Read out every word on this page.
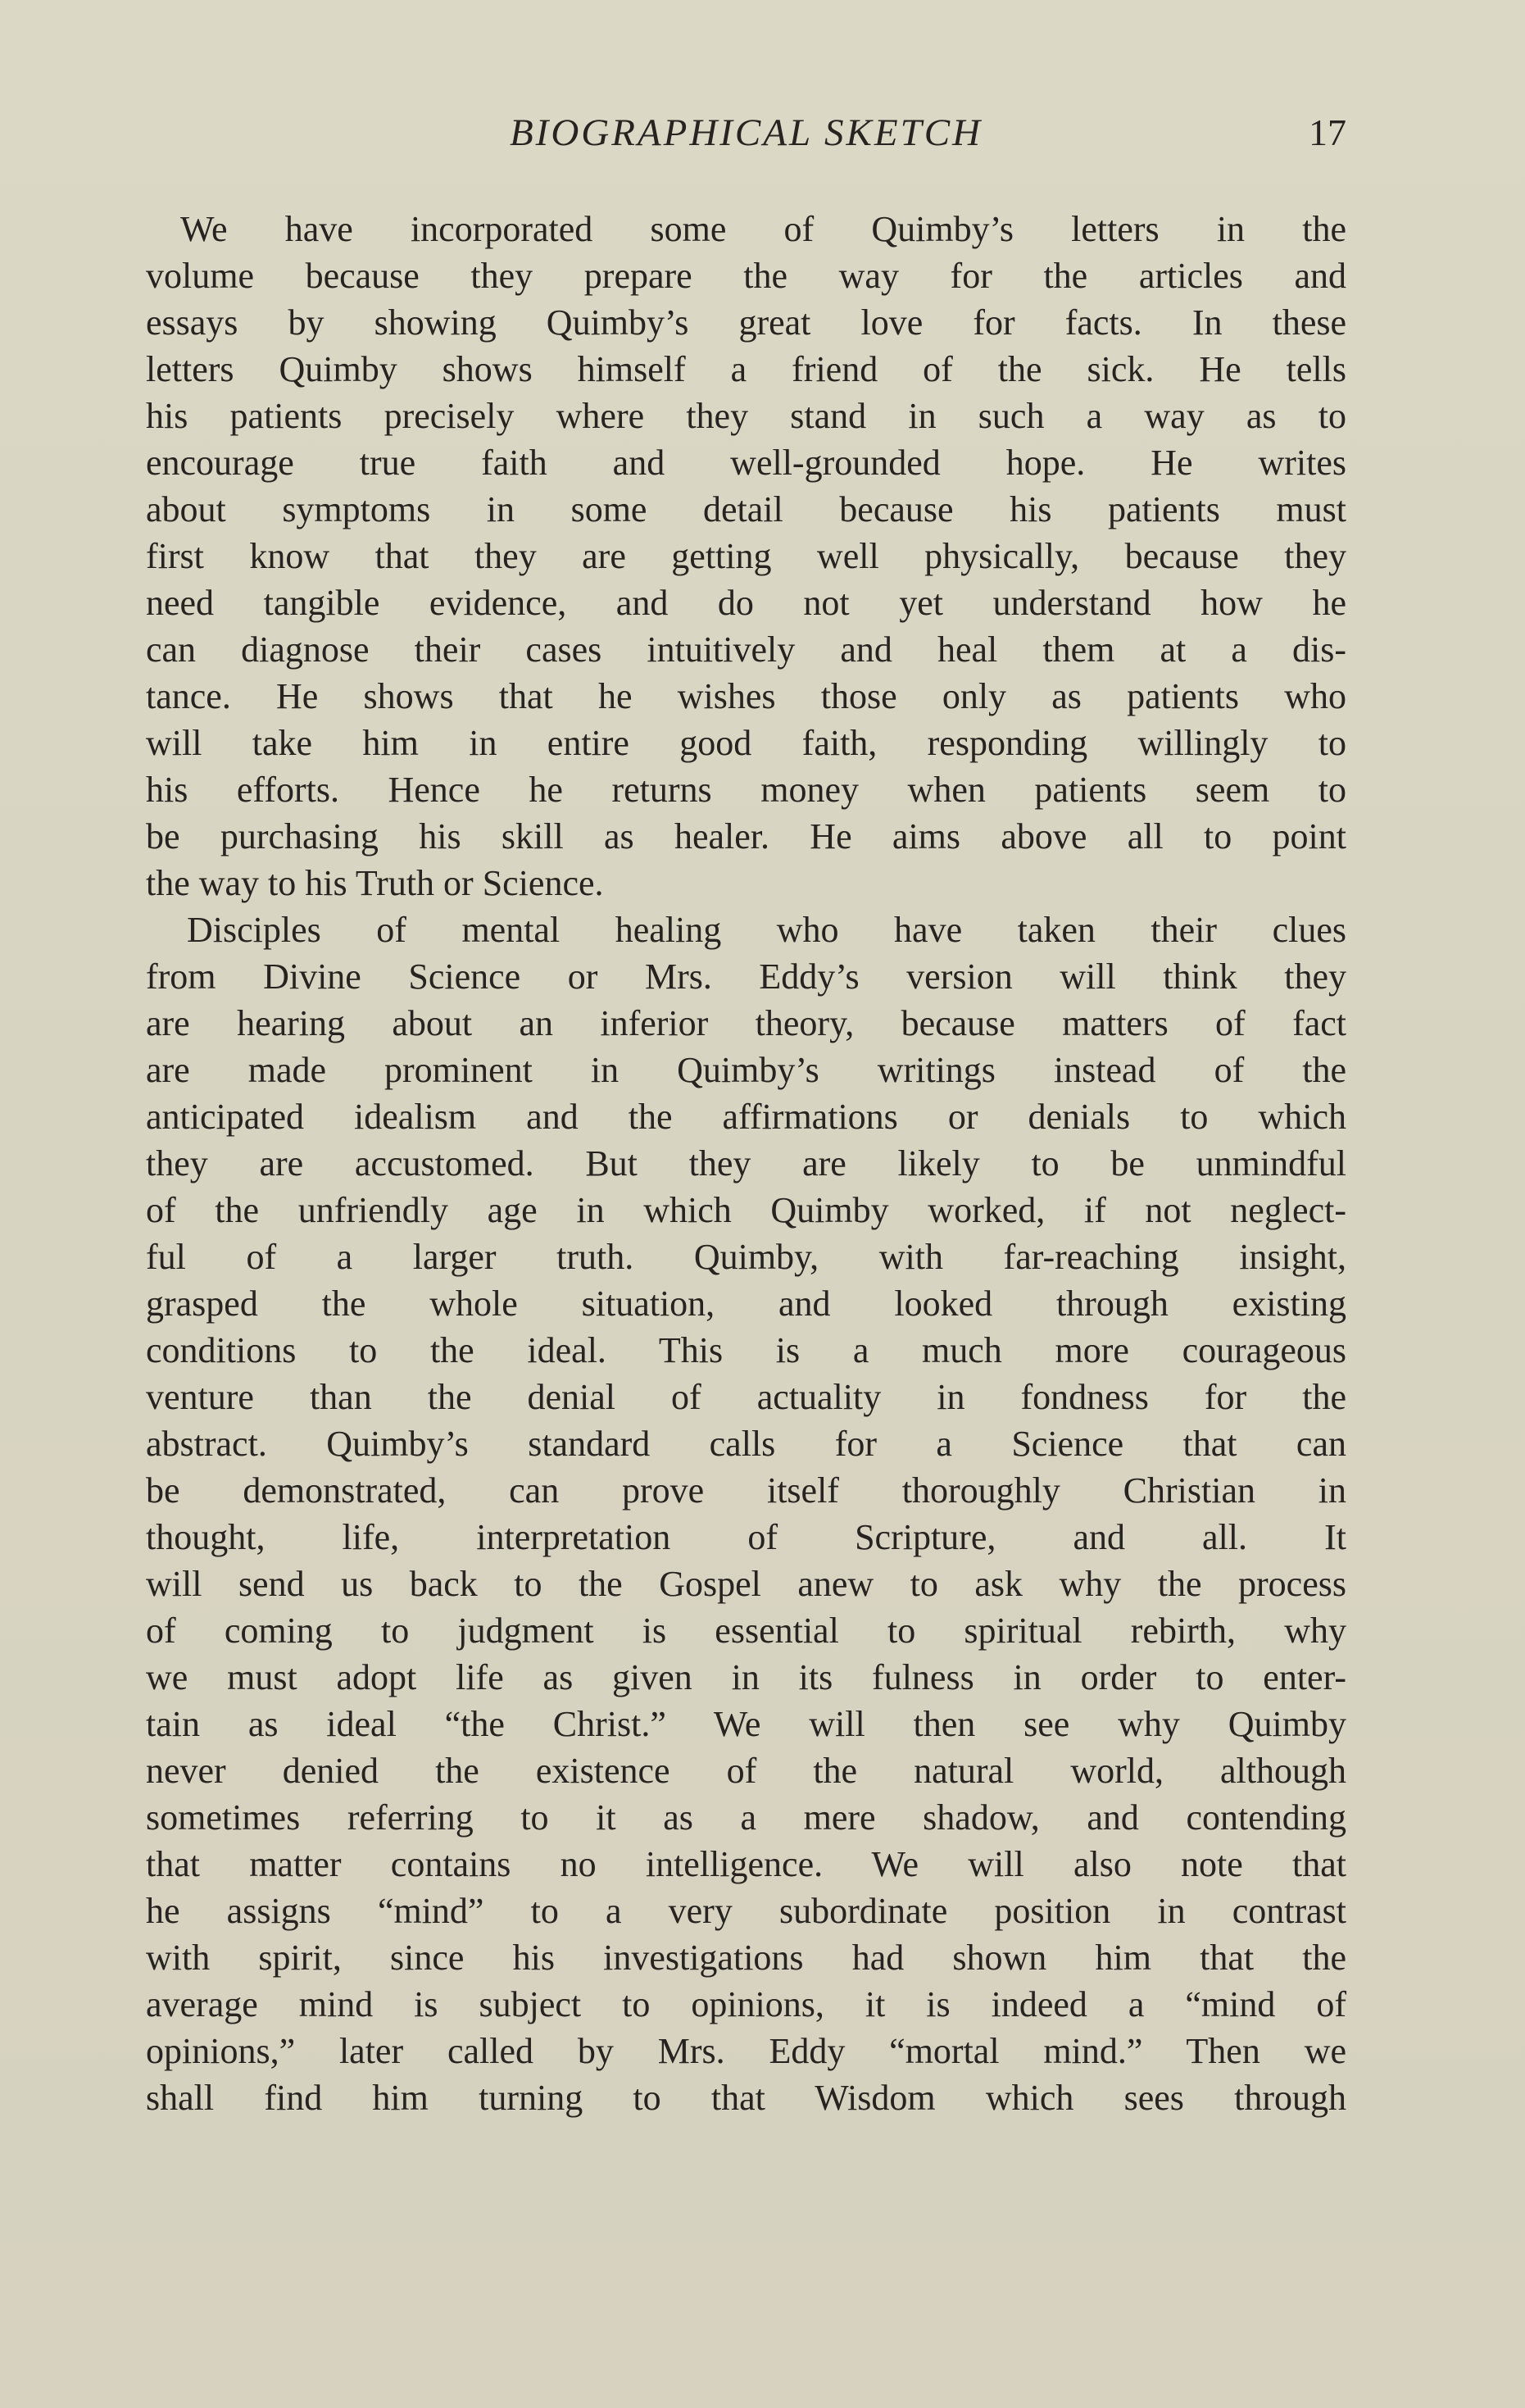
BIOGRAPHICAL SKETCH	17
We have incorporated some of Quimby’s letters in the
volume because they prepare the way for the articles and
essays by showing Quimby’s great love for facts. In these
letters Quimby shows himself a friend of the sick. He tells
his patients precisely where they stand in such a way as to
encourage true faith and well-grounded hope. He writes
about symptoms in some detail because his patients must
first know that they are getting well physically, because they
need tangible evidence, and do not yet understand how he
can diagnose their cases intuitively and heal them at a dis-
tance. He shows that he wishes those only as patients who
will take him in entire good faith, responding willingly to
his efforts. Hence he returns money when patients seem to
be purchasing his skill as healer. He aims above all to point
the way to his Truth or Science.
Disciples of mental healing who have taken their clues
from Divine Science or Mrs. Eddy’s version will think they
are hearing about an inferior theory, because matters of fact
are made prominent in Quimby’s writings instead of the
anticipated idealism and the affirmations or denials to which
they are accustomed. But they are likely to be unmindful
of the unfriendly age in which Quimby worked, if not neglect-
ful of a larger truth. Quimby, with far-reaching insight,
grasped the whole situation, and looked through existing
conditions to the ideal. This is a much more courageous
venture than the denial of actuality in fondness for the
abstract. Quimby’s standard calls for a Science that can
be demonstrated, can prove itself thoroughly Christian in
thought, life, interpretation of Scripture, and all. It
will send us back to the Gospel anew to ask why the process
of coming to judgment is essential to spiritual rebirth, why
we must adopt life as given in its fulness in order to enter-
tain as ideal “the Christ.” We will then see why Quimby
never denied the existence of the natural world, although
sometimes referring to it as a mere shadow, and contending
that matter contains no intelligence. We will also note that
he assigns “mind” to a very subordinate position in contrast
with spirit, since his investigations had shown him that the
average mind is subject to opinions, it is indeed a “mind of
opinions,” later called by Mrs. Eddy “mortal mind.” Then we
shall find him turning to that Wisdom which sees through
